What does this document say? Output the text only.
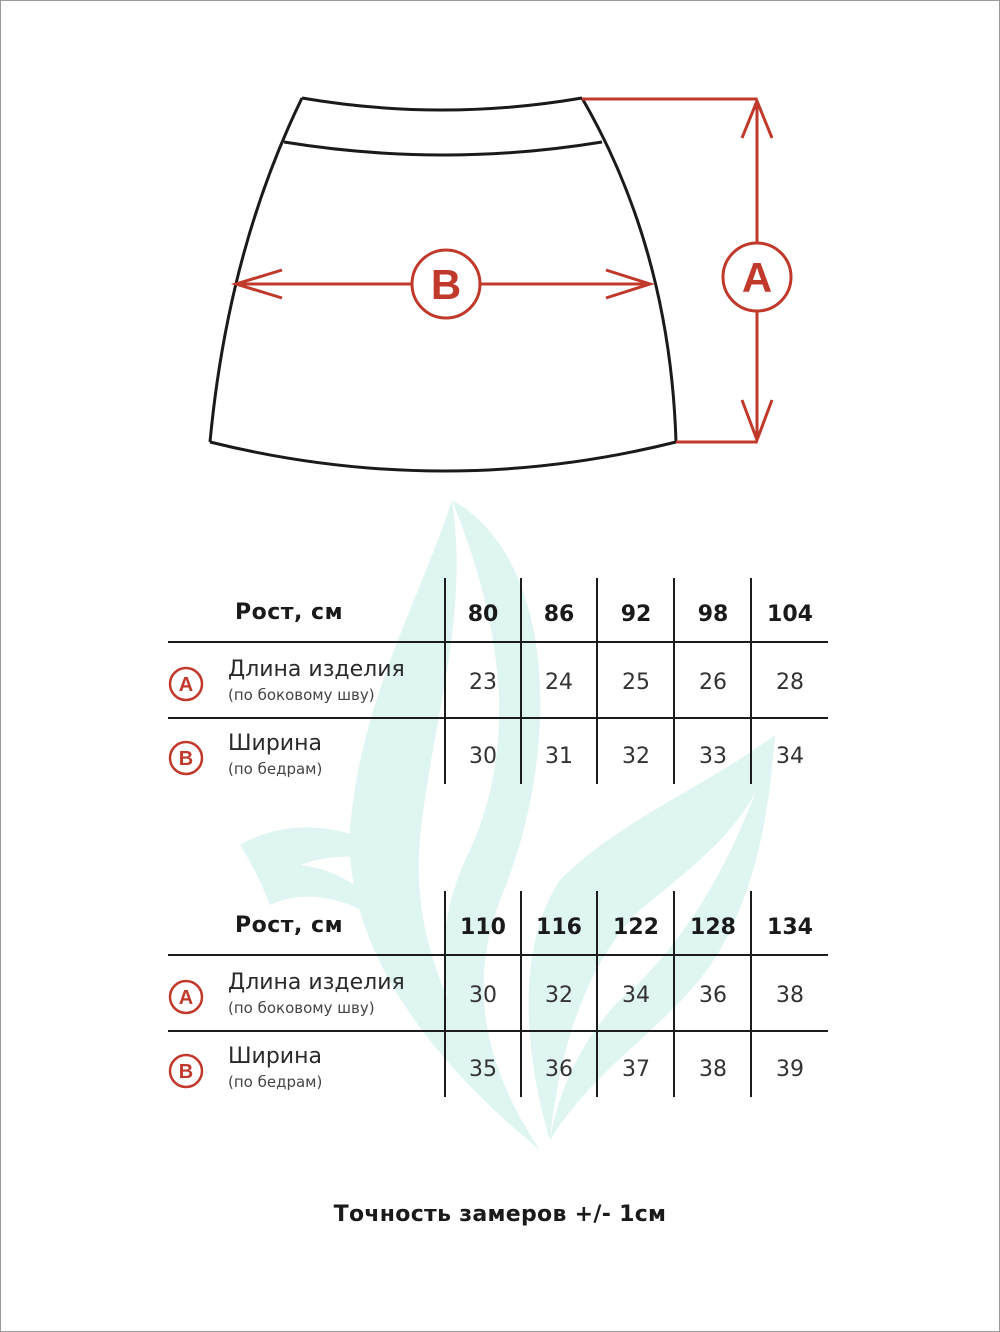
A
B
Рост, см	80	86	92	98	104
A
Длина изделия
(по боковому шву)	23	24	25	26	28
B
Ширина
(по бедрам)	30	31	32	33	34
Рост, см	110	116	122	128	134
A
Длина изделия
(по боковому шву)	30	32	34	36	38
B
Ширина
(по бедрам)	35	36	37	38	39
Точность замеров +/- 1см
